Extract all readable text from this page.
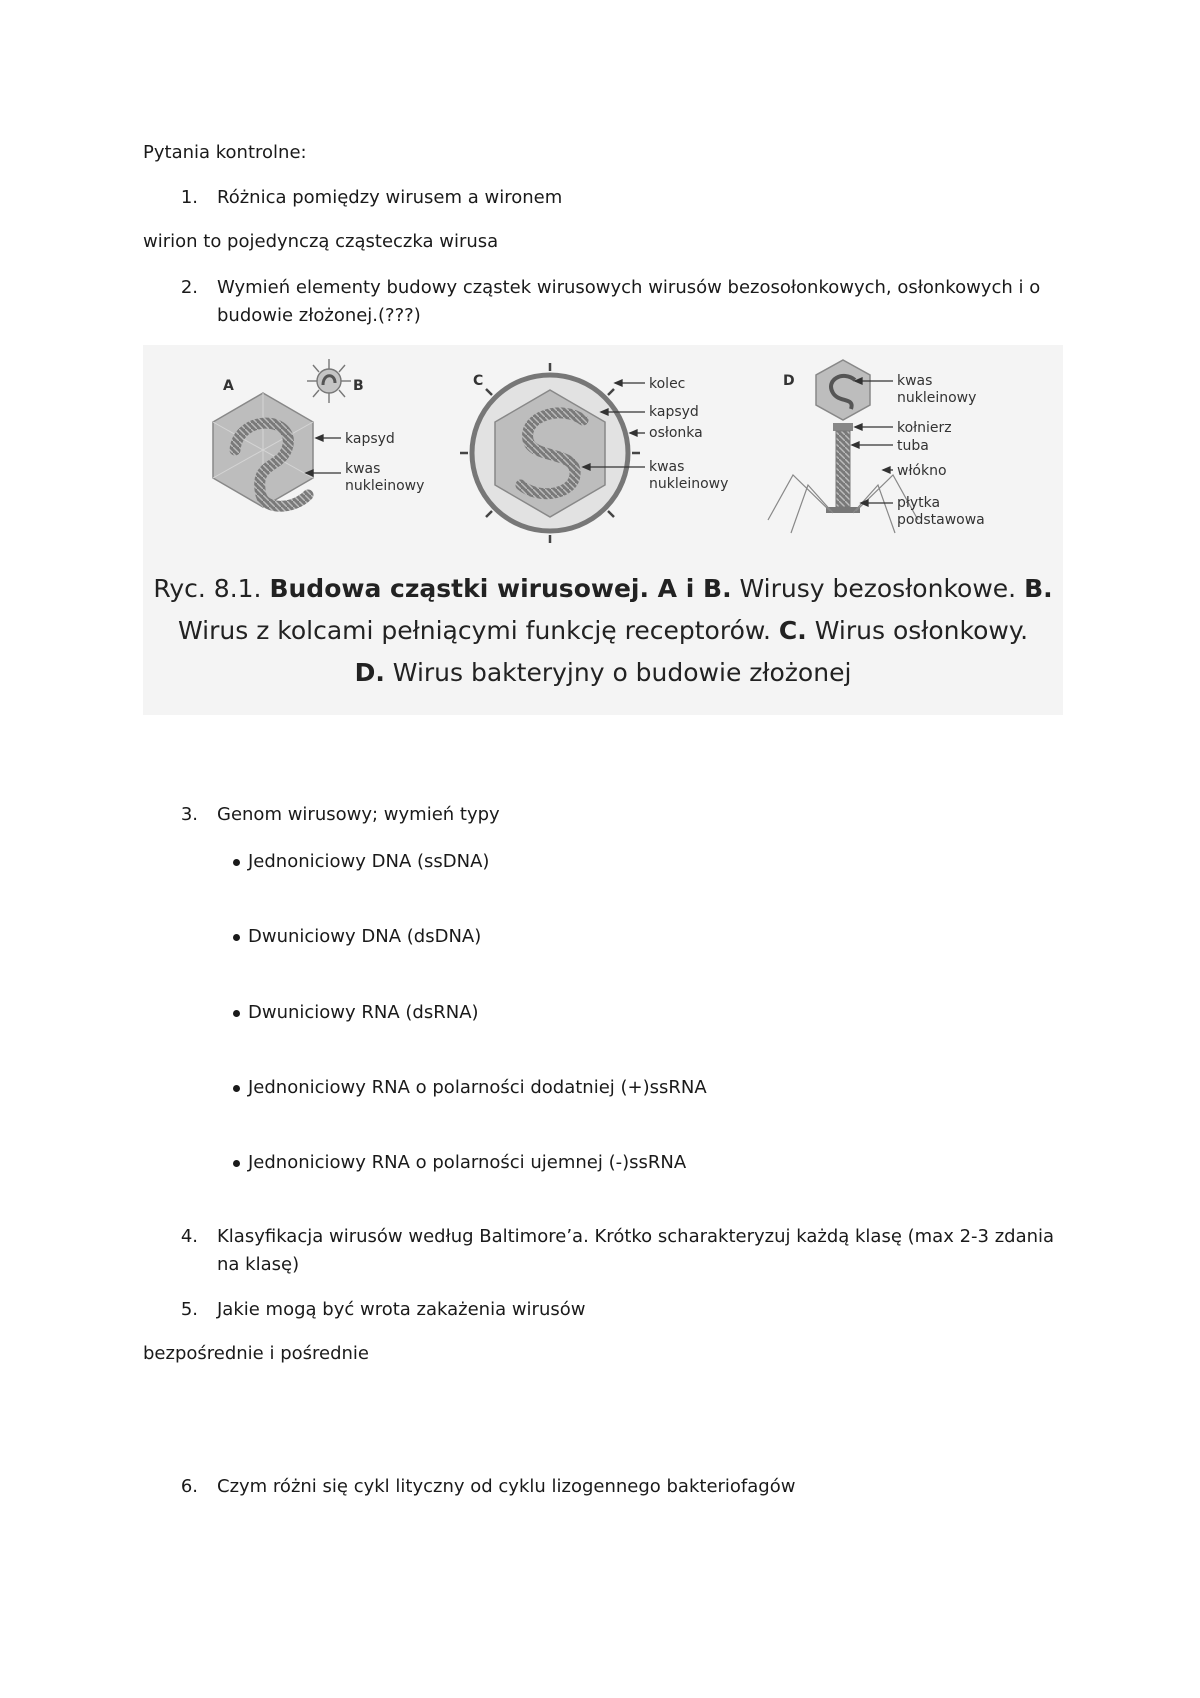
Pytania kontrolne:
1. Różnica pomiędzy wirusem a wironem
wirion to pojedynczą cząsteczka wirusa
2. Wymień elementy budowy cząstek wirusowych wirusów bezosołonkowych, osłonkowych i o
budowie złożonej.(???)
A	B
kapsyd
kwas
nukleinowy
C	kolec
kapsyd
osłonka
kwas
nukleinowy
D	kwas
nukleinowy
kołnierz
tuba
włókno
płytka
podstawowa
Ryc. 8.1. Budowa cząstki wirusowej. A i B. Wirusy bezosłonkowe. B.
Wirus z kolcami pełniącymi funkcję receptorów. C. Wirus osłonkowy.
D. Wirus bakteryjny o budowie złożonej
3. Genom wirusowy; wymień typy
Jednoniciowy DNA (ssDNA)
Dwuniciowy DNA (dsDNA)
Dwuniciowy RNA (dsRNA)
Jednoniciowy RNA o polarności dodatniej (+)ssRNA
Jednoniciowy RNA o polarności ujemnej (-)ssRNA
4. Klasyfikacja wirusów według Baltimore’a. Krótko scharakteryzuj każdą klasę (max 2-3 zdania
na klasę)
5. Jakie mogą być wrota zakażenia wirusów
bezpośrednie i pośrednie
6. Czym różni się cykl lityczny od cyklu lizogennego bakteriofagów
